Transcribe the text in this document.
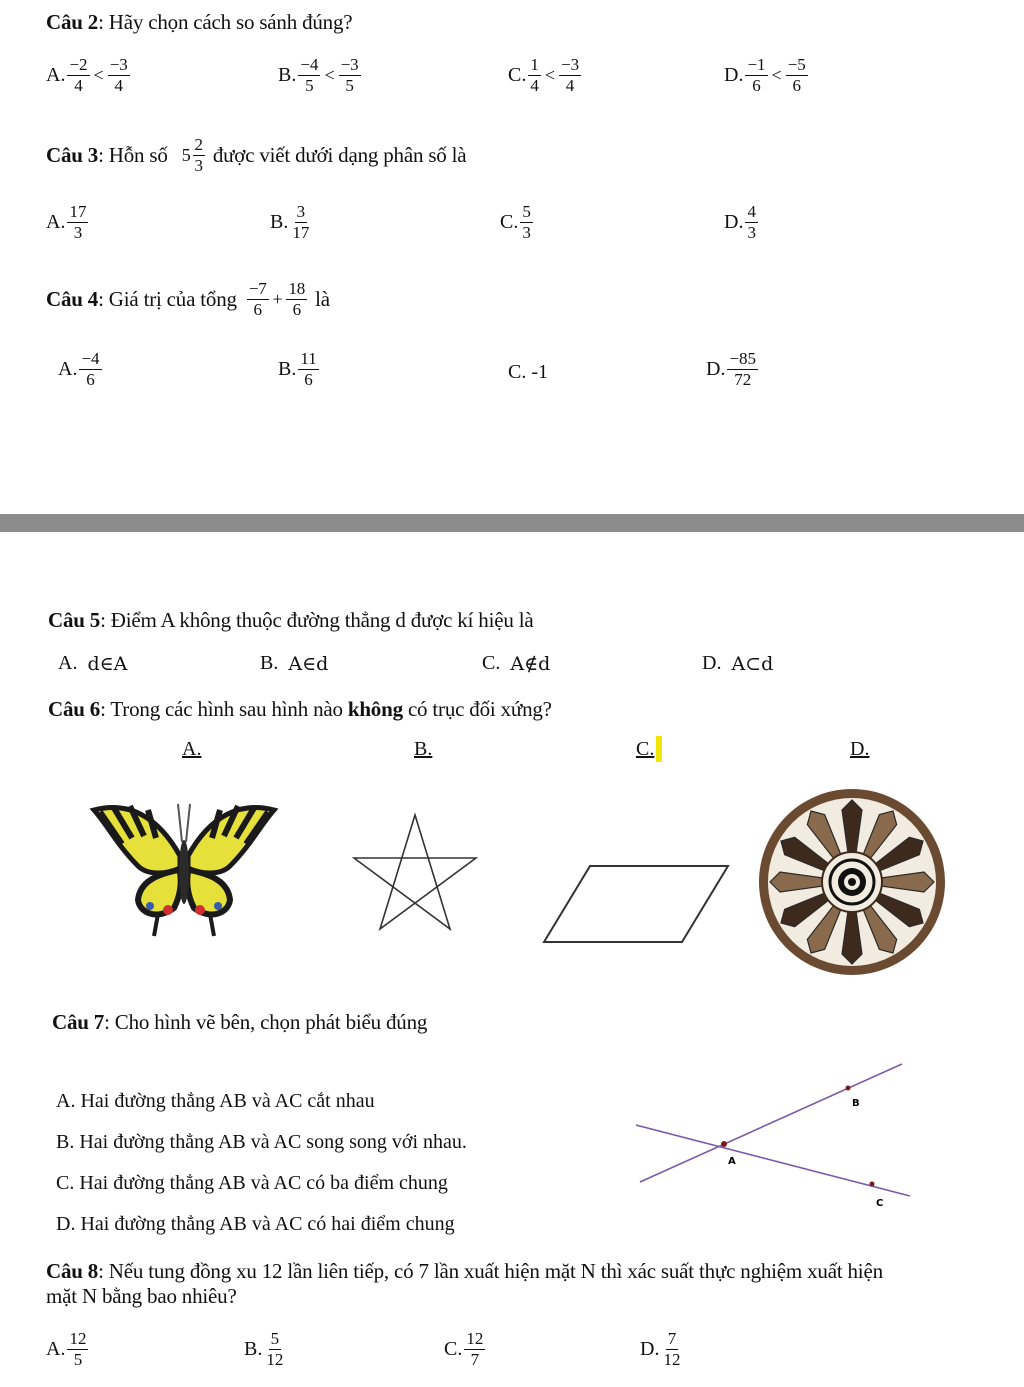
Câu 2: Hãy chọn cách so sánh đúng?
A. $\frac{-2}{4} < \frac{-3}{4}$	B. $\frac{-4}{5} < \frac{-3}{5}$	C. $\frac{1}{4} < \frac{-3}{4}$	D. $\frac{-1}{6} < \frac{-5}{6}$
Câu 3 : Hỗn số $5 \frac{2}{3}$ được viết dưới dạng phân số là
A. $\frac{17}{3}$	B. $\frac{3}{17}$	C. $\frac{5}{3}$	D. $\frac{4}{3}$
Câu 4 : Giá trị của tổng $\frac{-7}{6} + \frac{18}{6}$ là
A. $\frac{-4}{6}$	B. $\frac{11}{6}$	C. -1	D. $\frac{-85}{72}$
Câu 5: Điểm A không thuộc đường thẳng d được kí hiệu là
A. d∈A	B. A∈d	C. A∉d	D. A⊂d
Câu 6: Trong các hình sau hình nào không có trục đối xứng?
A.	B.	C.	D.
Câu 7: Cho hình vẽ bên, chọn phát biểu đúng
A. Hai đường thẳng AB và AC cắt nhau
B. Hai đường thẳng AB và AC song song với nhau.
C. Hai đường thẳng AB và AC có ba điểm chung
D. Hai đường thẳng AB và AC có hai điểm chung
A
B
C
Câu 8: Nếu tung đồng xu 12 lần liên tiếp, có 7 lần xuất hiện mặt N thì xác suất thực nghiệm xuất hiện
mặt N bằng bao nhiêu?
A. $\frac{12}{5}$	B. $\frac{5}{12}$	C. $\frac{12}{7}$	D. $\frac{7}{12}$
